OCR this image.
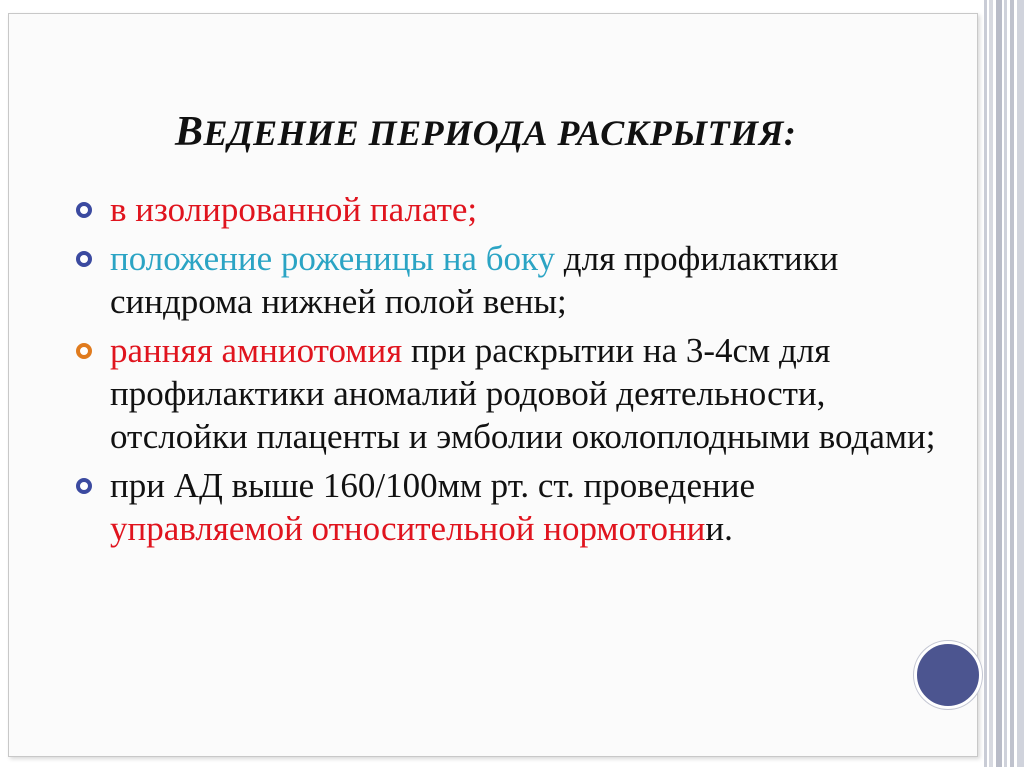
ВЕДЕНИЕ ПЕРИОДА РАСКРЫТИЯ:
в изолированной палате;
положение роженицы на боку для профилактики синдрома нижней полой вены;
ранняя амниотомия при раскрытии на 3-4см для профилактики аномалий родовой деятельности, отслойки плаценты и эмболии околоплодными водами;
при АД выше 160/100мм рт. ст. проведение управляемой относительной нормотонии.
